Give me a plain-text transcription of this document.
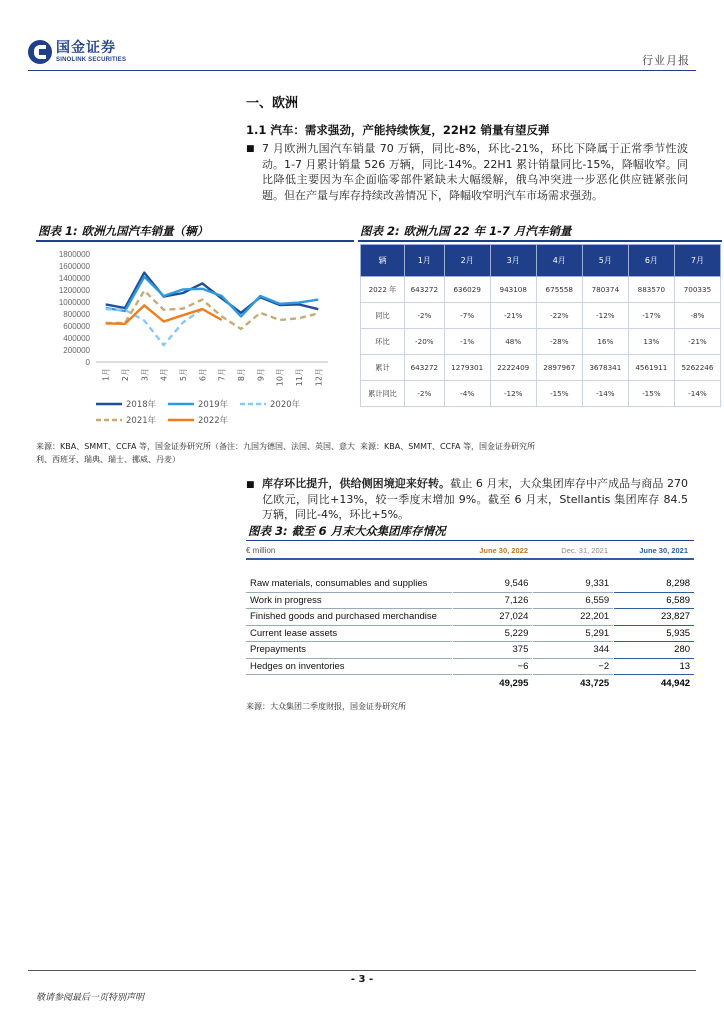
国金证券
SINOLINK SECURITIES	行业月报
一、欧洲
1.1 汽车：需求强劲，产能持续恢复，22H2 销量有望反弹
■ 7 月欧洲九国汽车销量 70 万辆，同比-8%，环比-21%，环比下降属于正常季节性波动。1-7 月累计销量 526 万辆，同比-14%。22H1 累计销量同比-15%，降幅收窄。同比降低主要因为车企面临零部件紧缺未大幅缓解，俄乌冲突进一步恶化供应链紧张问题。但在产量与库存持续改善情况下，降幅收窄明汽车市场需求强劲。
图表 1: 欧洲九国汽车销量（辆）
0
200000
400000
600000
800000
1000000
1200000
1400000
1600000
1800000
1月 2月 3月 4月 5月 6月 7月 8月 9月 10月 11月 12月
2018年	2019年	2020年
2021年	2022年
来源：KBA、SMMT、CCFA 等，国金证券研究所（备注：九国为德国、法国、英国、意大利、西班牙、瑞典、瑞士、挪威、丹麦）
图表 2: 欧洲九国 22 年 1-7 月汽车销量
辆	1月	2月	3月	4月	5月	6月	7月
2022 年	643272	636029	943108	675558	780374	883570	700335
同比	-2%	-7%	-21%	-22%	-12%	-17%	-8%
环比	-20%	-1%	48%	-28%	16%	13%	-21%
累计	643272	1279301	2222409	2897967	3678341	4561911	5262246
累计同比	-2%	-4%	-12%	-15%	-14%	-15%	-14%
来源：KBA、SMMT、CCFA 等，国金证券研究所
■ 库存环比提升，供给侧困境迎来好转。截止 6 月末，大众集团库存中产成品与商品 270 亿欧元，同比+13%，较一季度末增加 9%。截至 6 月末，Stellantis 集团库存 84.5 万辆，同比-4%，环比+5%。
图表 3: 截至 6 月末大众集团库存情况
€ million	June 30, 2022	Dec. 31, 2021	June 30, 2021
Raw materials, consumables and supplies	9,546	9,331	8,298
Work in progress	7,126	6,559	6,589
Finished goods and purchased merchandise	27,024	22,201	23,827
Current lease assets	5,229	5,291	5,935
Prepayments	375	344	280
Hedges on inventories	−6	−2	13
49,295	43,725	44,942
来源：大众集团二季度财报，国金证券研究所
- 3 -
敬请参阅最后一页特别声明
